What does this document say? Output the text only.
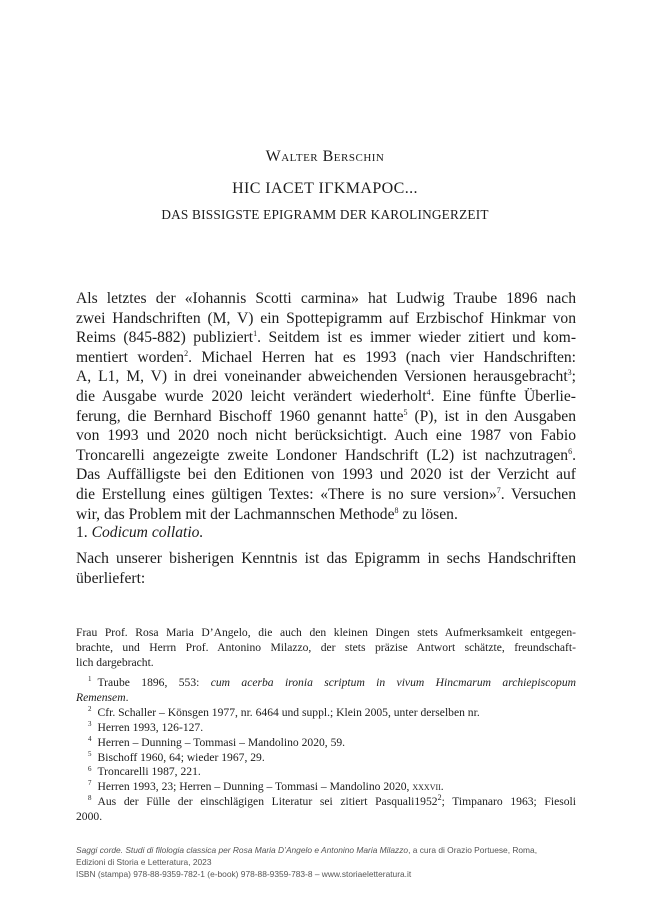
Walter Berschin
HIC IACET IΓΚΜΑΡΟC...
DAS BISSIGSTE EPIGRAMM DER KAROLINGERZEIT

Als letztes der «Iohannis Scotti carmina» hat Ludwig Traube 1896 nach
zwei Handschriften (M, V) ein Spottepigramm auf Erzbischof Hinkmar von
Reims (845-882) publiziert$^1$. Seitdem ist es immer wieder zitiert und kom-
mentiert worden$^2$. Michael Herren hat es 1993 (nach vier Handschriften:
A, L1, M, V) in drei voneinander abweichenden Versionen herausgebracht$^3$;
die Ausgabe wurde 2020 leicht verändert wiederholt$^4$. Eine fünfte Überlie-
ferung, die Bernhard Bischoff 1960 genannt hatte$^5$ (P), ist in den Ausgaben
von 1993 und 2020 noch nicht berücksichtigt. Auch eine 1987 von Fabio
Troncarelli angezeigte zweite Londoner Handschrift (L2) ist nachzutragen$^6$.
Das Auffälligste bei den Editionen von 1993 und 2020 ist der Verzicht auf
die Erstellung eines gültigen Textes: «There is no sure version»$^7$. Versuchen
wir, das Problem mit der Lachmannschen Methode$^8$ zu lösen.

1. Codicum collatio.
Nach unserer bisherigen Kenntnis ist das Epigramm in sechs Handschriften
überliefert:
Frau Prof. Rosa Maria D’Angelo, die auch den kleinen Dingen stets Aufmerksamkeit entgegen-
brachte, und Herrn Prof. Antonino Milazzo, der stets präzise Antwort schätzte, freundschaft-
lich dargebracht.
$^1$ Traube 1896, 553: cum acerba ironia scriptum in vivum Hincmarum archiepiscopum
Remensem.
$^2$ Cfr. Schaller – Könsgen 1977, nr. 6464 und suppl.; Klein 2005, unter derselben nr.
$^3$ Herren 1993, 126-127.
$^4$ Herren – Dunning – Tommasi – Mandolino 2020, 59.
$^5$ Bischoff 1960, 64; wieder 1967, 29.
$^6$ Troncarelli 1987, 221.
$^7$ Herren 1993, 23; Herren – Dunning – Tommasi – Mandolino 2020, xxxvii.
$^8$ Aus der Fülle der einschlägigen Literatur sei zitiert Pasquali1952$^2$; Timpanaro 1963; Fiesoli
2000.
Saggi corde. Studi di filologia classica per Rosa Maria D’Angelo e Antonino Maria Milazzo, a cura di Orazio Portuese, Roma,
Edizioni di Storia e Letteratura, 2023
ISBN (stampa) 978-88-9359-782-1 (e-book) 978-88-9359-783-8 – www.storiaeletteratura.it
